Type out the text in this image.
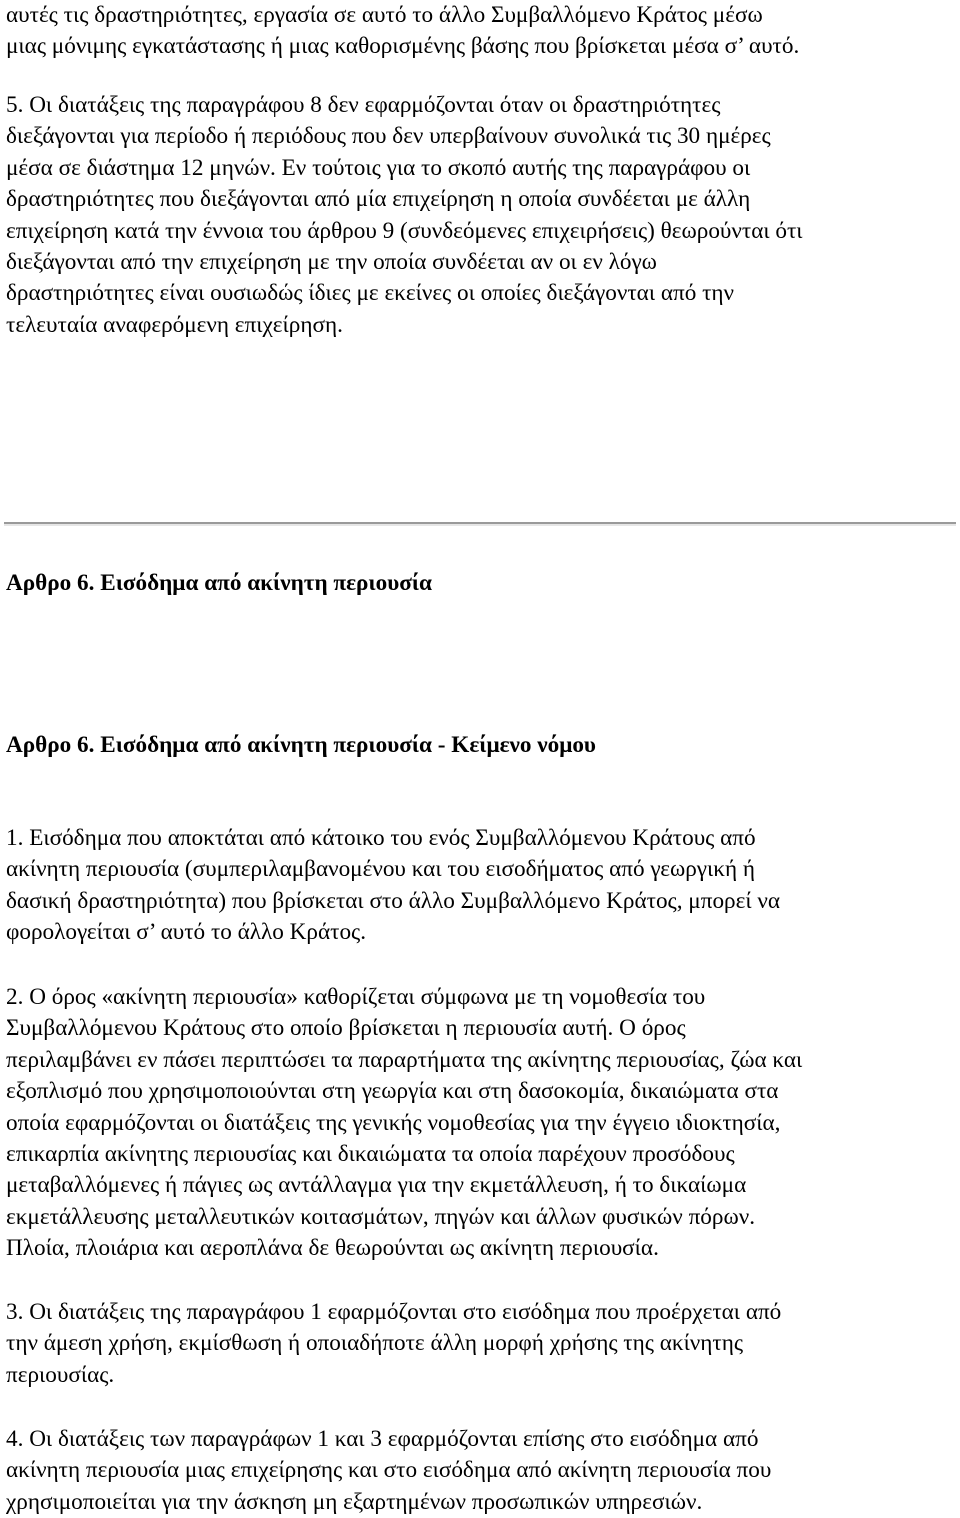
αυτές τις δραστηριότητες, εργασία σε αυτό το άλλο Συμβαλλόμενο Κράτος μέσω
μιας μόνιμης εγκατάστασης ή μιας καθορισμένης βάσης που βρίσκεται μέσα σ’ αυτό.

5. Οι διατάξεις της παραγράφου 8 δεν εφαρμόζονται όταν οι δραστηριότητες
διεξάγονται για περίοδο ή περιόδους που δεν υπερβαίνουν συνολικά τις 30 ημέρες
μέσα σε διάστημα 12 μηνών. Εν τούτοις για το σκοπό αυτής της παραγράφου οι
δραστηριότητες που διεξάγονται από μία επιχείρηση η οποία συνδέεται με άλλη
επιχείρηση κατά την έννοια του άρθρου 9 (συνδεόμενες επιχειρήσεις) θεωρούνται ότι
διεξάγονται από την επιχείρηση με την οποία συνδέεται αν οι εν λόγω
δραστηριότητες είναι ουσιωδώς ίδιες με εκείνες οι οποίες διεξάγονται από την
τελευταία αναφερόμενη επιχείρηση.

Αρθρο 6. Εισόδημα από ακίνητη περιουσία
Αρθρο 6. Εισόδημα από ακίνητη περιουσία - Κείμενο νόμου

1. Εισόδημα που αποκτάται από κάτοικο του ενός Συμβαλλόμενου Κράτους από
ακίνητη περιουσία (συμπεριλαμβανομένου και του εισοδήματος από γεωργική ή
δασική δραστηριότητα) που βρίσκεται στο άλλο Συμβαλλόμενο Κράτος, μπορεί να
φορολογείται σ’ αυτό το άλλο Κράτος.

2. Ο όρος «ακίνητη περιουσία» καθορίζεται σύμφωνα με τη νομοθεσία του
Συμβαλλόμενου Κράτους στο οποίο βρίσκεται η περιουσία αυτή. Ο όρος
περιλαμβάνει εν πάσει περιπτώσει τα παραρτήματα της ακίνητης περιουσίας, ζώα και
εξοπλισμό που χρησιμοποιούνται στη γεωργία και στη δασοκομία, δικαιώματα στα
οποία εφαρμόζονται οι διατάξεις της γενικής νομοθεσίας για την έγγειο ιδιοκτησία,
επικαρπία ακίνητης περιουσίας και δικαιώματα τα οποία παρέχουν προσόδους
μεταβαλλόμενες ή πάγιες ως αντάλλαγμα για την εκμετάλλευση, ή το δικαίωμα
εκμετάλλευσης μεταλλευτικών κοιτασμάτων, πηγών και άλλων φυσικών πόρων.
Πλοία, πλοιάρια και αεροπλάνα δε θεωρούνται ως ακίνητη περιουσία.

3. Οι διατάξεις της παραγράφου 1 εφαρμόζονται στο εισόδημα που προέρχεται από
την άμεση χρήση, εκμίσθωση ή οποιαδήποτε άλλη μορφή χρήσης της ακίνητης
περιουσίας.

4. Οι διατάξεις των παραγράφων 1 και 3 εφαρμόζονται επίσης στο εισόδημα από
ακίνητη περιουσία μιας επιχείρησης και στο εισόδημα από ακίνητη περιουσία που
χρησιμοποιείται για την άσκηση μη εξαρτημένων προσωπικών υπηρεσιών.
